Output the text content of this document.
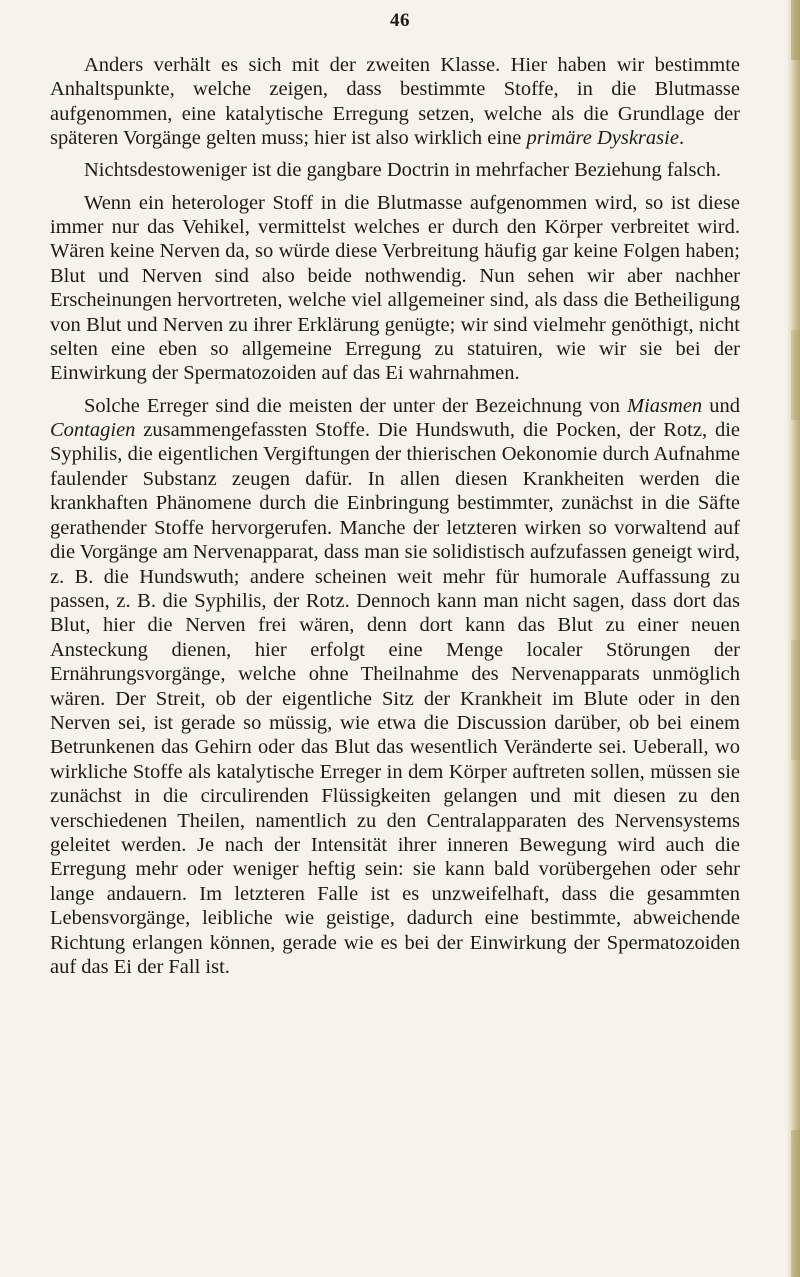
46

Anders verhält es sich mit der zweiten Klasse. Hier haben wir bestimmte Anhaltspunkte, welche zeigen, dass bestimmte Stoffe, in die Blutmasse aufgenommen, eine katalytische Erregung setzen, welche als die Grundlage der späteren Vorgänge gelten muss; hier ist also wirklich eine primäre Dyskrasie.

Nichtsdestoweniger ist die gangbare Doctrin in mehrfacher Beziehung falsch.

Wenn ein heterologer Stoff in die Blutmasse aufgenommen wird, so ist diese immer nur das Vehikel, vermittelst welches er durch den Körper verbreitet wird. Wären keine Nerven da, so würde diese Verbreitung häufig gar keine Folgen haben; Blut und Nerven sind also beide nothwendig. Nun sehen wir aber nachher Erscheinungen hervortreten, welche viel allgemeiner sind, als dass die Betheiligung von Blut und Nerven zu ihrer Erklärung genügte; wir sind vielmehr genöthigt, nicht selten eine eben so allgemeine Erregung zu statuiren, wie wir sie bei der Einwirkung der Spermatozoiden auf das Ei wahrnahmen.

Solche Erreger sind die meisten der unter der Bezeichnung von Miasmen und Contagien zusammengefassten Stoffe. Die Hundswuth, die Pocken, der Rotz, die Syphilis, die eigentlichen Vergiftungen der thierischen Oekonomie durch Aufnahme faulender Substanz zeugen dafür. In allen diesen Krankheiten werden die krankhaften Phänomene durch die Einbringung bestimmter, zunächst in die Säfte gerathender Stoffe hervorgerufen. Manche der letzteren wirken so vorwaltend auf die Vorgänge am Nervenapparat, dass man sie solidistisch aufzufassen geneigt wird, z. B. die Hundswuth; andere scheinen weit mehr für humorale Auffassung zu passen, z. B. die Syphilis, der Rotz. Dennoch kann man nicht sagen, dass dort das Blut, hier die Nerven frei wären, denn dort kann das Blut zu einer neuen Ansteckung dienen, hier erfolgt eine Menge localer Störungen der Ernährungsvorgänge, welche ohne Theilnahme des Nervenapparats unmöglich wären. Der Streit, ob der eigentliche Sitz der Krankheit im Blute oder in den Nerven sei, ist gerade so müssig, wie etwa die Discussion darüber, ob bei einem Betrunkenen das Gehirn oder das Blut das wesentlich Veränderte sei. Ueberall, wo wirkliche Stoffe als katalytische Erreger in dem Körper auftreten sollen, müssen sie zunächst in die circulirenden Flüssigkeiten gelangen und mit diesen zu den verschiedenen Theilen, namentlich zu den Centralapparaten des Nervensystems geleitet werden. Je nach der Intensität ihrer inneren Bewegung wird auch die Erregung mehr oder weniger heftig sein: sie kann bald vorübergehen oder sehr lange andauern. Im letzteren Falle ist es unzweifelhaft, dass die gesammten Lebensvorgänge, leibliche wie geistige, dadurch eine bestimmte, abweichende Richtung erlangen können, gerade wie es bei der Einwirkung der Spermatozoiden auf das Ei der Fall ist.
